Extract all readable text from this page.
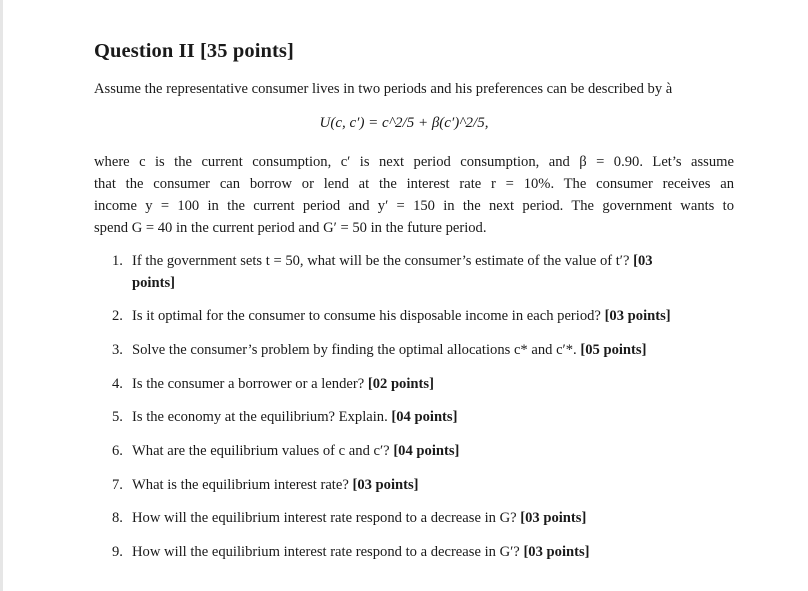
Question II [35 points]
Assume the representative consumer lives in two periods and his preferences can be described by à
U(c, c′) = c^2/5 + β(c′)^2/5,
where c is the current consumption, c′ is next period consumption, and β = 0.90. Let’s assume
that the consumer can borrow or lend at the interest rate r = 10%. The consumer receives an
income y = 100 in the current period and y′ = 150 in the next period. The government wants to
spend G = 40 in the current period and G′ = 50 in the future period.
1. If the government sets t = 50, what will be the consumer’s estimate of the value of t′? [03
points]
2. Is it optimal for the consumer to consume his disposable income in each period? [03 points]
3. Solve the consumer’s problem by finding the optimal allocations c* and c′*. [05 points]
4. Is the consumer a borrower or a lender? [02 points]
5. Is the economy at the equilibrium? Explain. [04 points]
6. What are the equilibrium values of c and c′? [04 points]
7. What is the equilibrium interest rate? [03 points]
8. How will the equilibrium interest rate respond to a decrease in G? [03 points]
9. How will the equilibrium interest rate respond to a decrease in G′? [03 points]
